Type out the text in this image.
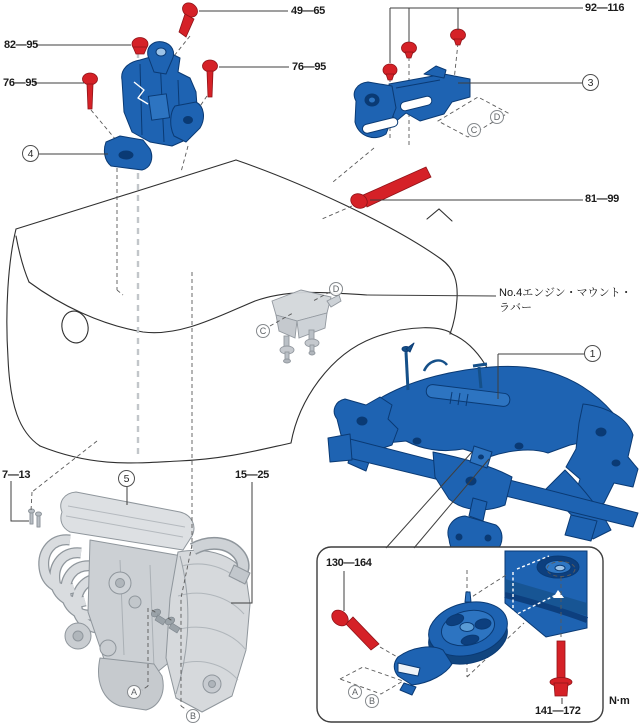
82—95
76—95
49—65
76—95
92—116
81—99
7—13	15—25
130—164
141—172
N·m
No.4エンジン・マウント・
ラバー
1
3
4
5
A
B
C
D
C
D
A
B
